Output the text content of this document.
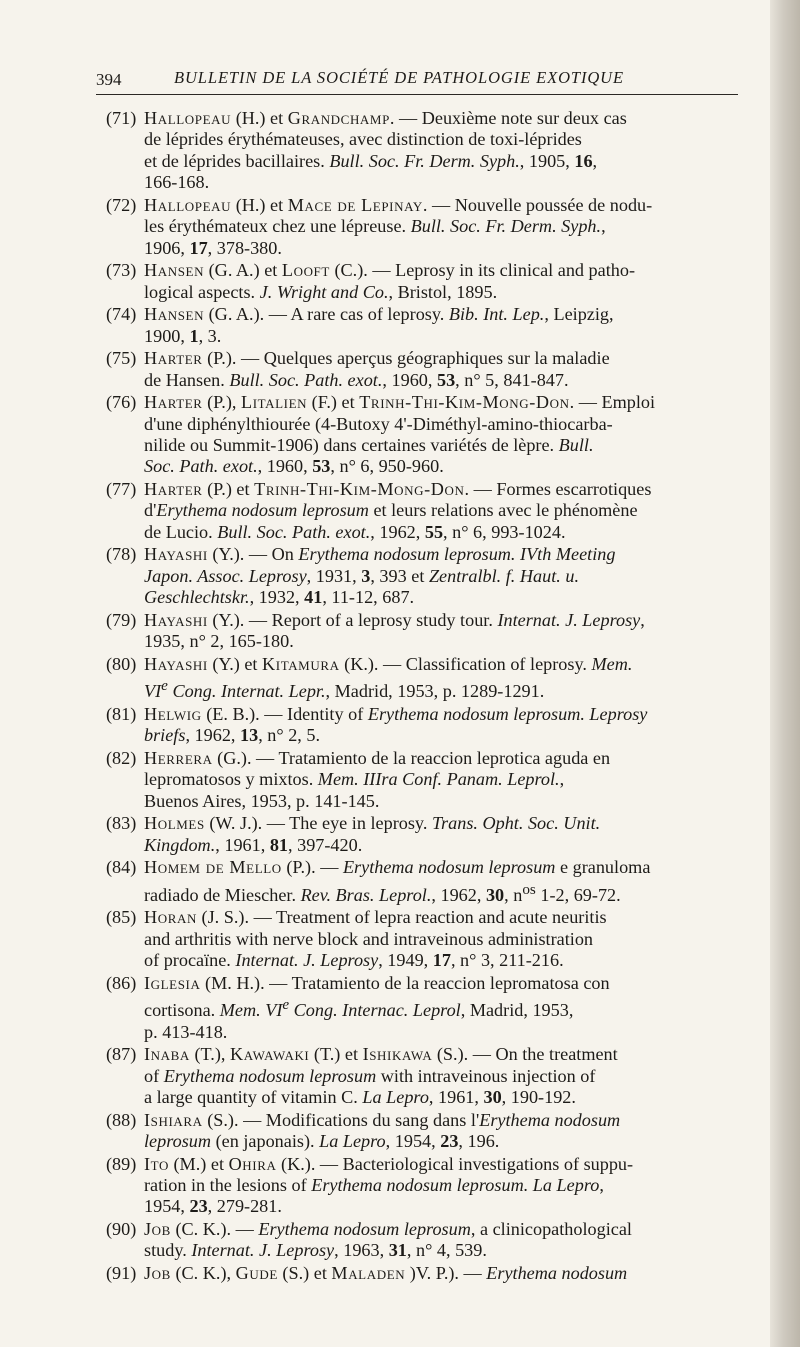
394	BULLETIN DE LA SOCIÉTÉ DE PATHOLOGIE EXOTIQUE
(71) Hallopeau (H.) et Grandchamp. — Deuxième note sur deux cas
de léprides érythémateuses, avec distinction de toxi-léprides
et de léprides bacillaires. Bull. Soc. Fr. Derm. Syph., 1905, 16,
166-168.
(72) Hallopeau (H.) et Mace de Lepinay. — Nouvelle poussée de nodu-
les érythémateux chez une lépreuse. Bull. Soc. Fr. Derm. Syph.,
1906, 17, 378-380.
(73) Hansen (G. A.) et Looft (C.). — Leprosy in its clinical and patho-
logical aspects. J. Wright and Co., Bristol, 1895.
(74) Hansen (G. A.). — A rare cas of leprosy. Bib. Int. Lep., Leipzig,
1900, 1, 3.
(75) Harter (P.). — Quelques aperçus géographiques sur la maladie
de Hansen. Bull. Soc. Path. exot., 1960, 53, n° 5, 841-847.
(76) Harter (P.), Litalien (F.) et Trinh-Thi-Kim-Mong-Don. — Emploi
d'une diphénylthiourée (4-Butoxy 4'-Diméthyl-amino-thiocarba-
nilide ou Summit-1906) dans certaines variétés de lèpre. Bull.
Soc. Path. exot., 1960, 53, n° 6, 950-960.
(77) Harter (P.) et Trinh-Thi-Kim-Mong-Don. — Formes escarrotiques
d'Erythema nodosum leprosum et leurs relations avec le phénomène
de Lucio. Bull. Soc. Path. exot., 1962, 55, n° 6, 993-1024.
(78) Hayashi (Y.). — On Erythema nodosum leprosum. IVth Meeting
Japon. Assoc. Leprosy, 1931, 3, 393 et Zentralbl. f. Haut. u.
Geschlechtskr., 1932, 41, 11-12, 687.
(79) Hayashi (Y.). — Report of a leprosy study tour. Internat. J. Leprosy,
1935, n° 2, 165-180.
(80) Hayashi (Y.) et Kitamura (K.). — Classification of leprosy. Mem.
VIe Cong. Internat. Lepr., Madrid, 1953, p. 1289-1291.
(81) Helwig (E. B.). — Identity of Erythema nodosum leprosum. Leprosy
briefs, 1962, 13, n° 2, 5.
(82) Herrera (G.). — Tratamiento de la reaccion leprotica aguda en
lepromatosos y mixtos. Mem. IIIra Conf. Panam. Leprol.,
Buenos Aires, 1953, p. 141-145.
(83) Holmes (W. J.). — The eye in leprosy. Trans. Opht. Soc. Unit.
Kingdom., 1961, 81, 397-420.
(84) Homem de Mello (P.). — Erythema nodosum leprosum e granuloma
radiado de Miescher. Rev. Bras. Leprol., 1962, 30, $n^{os}$ 1-2, 69-72.
(85) Horan (J. S.). — Treatment of lepra reaction and acute neuritis
and arthritis with nerve block and intraveinous administration
of procaïne. Internat. J. Leprosy, 1949, 17, n° 3, 211-216.
(86) Iglesia (M. H.). — Tratamiento de la reaccion lepromatosa con
cortisona. Mem. VIe Cong. Internac. Leprol, Madrid, 1953,
p. 413-418.
(87) Inaba (T.), Kawawaki (T.) et Ishikawa (S.). — On the treatment
of Erythema nodosum leprosum with intraveinous injection of
a large quantity of vitamin C. La Lepro, 1961, 30, 190-192.
(88) Ishiara (S.). — Modifications du sang dans l'Erythema nodosum
leprosum (en japonais). La Lepro, 1954, 23, 196.
(89) Ito (M.) et Ohira (K.). — Bacteriological investigations of suppu-
ration in the lesions of Erythema nodosum leprosum. La Lepro,
1954, 23, 279-281.
(90) Job (C. K.). — Erythema nodosum leprosum, a clinicopathological
study. Internat. J. Leprosy, 1963, 31, n° 4, 539.
(91) Job (C. K.), Gude (S.) et Maladen )V. P.). — Erythema nodosum
